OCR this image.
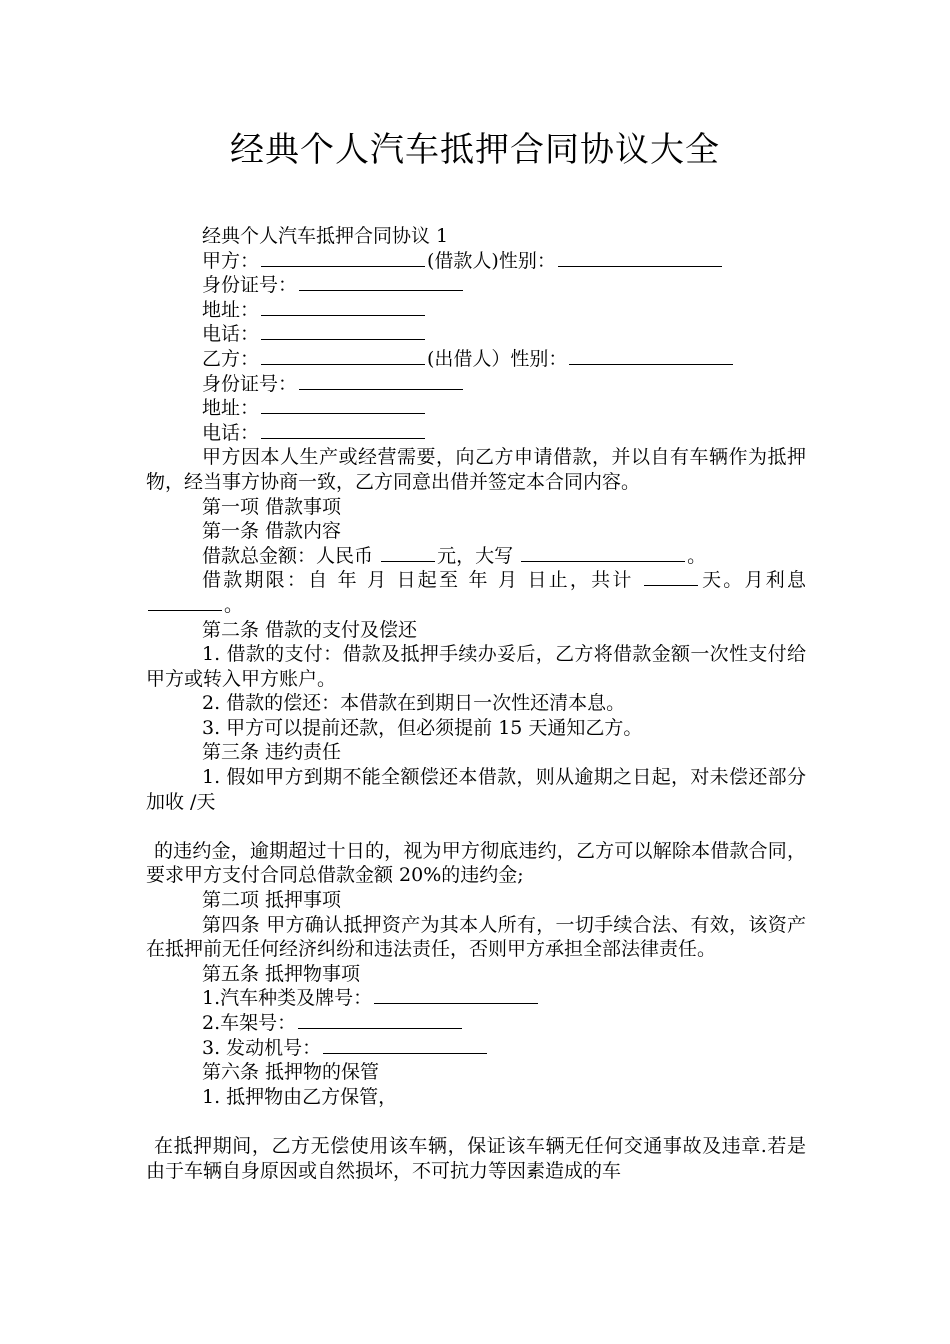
经典个人汽车抵押合同协议大全
经典个人汽车抵押合同协议 1
甲方：	(借款人)性别：
身份证号：
地址：
电话：
乙方：	(出借人）性别：
身份证号：
地址：
电话：
甲方因本人生产或经营需要，向乙方申请借款，并以自有车辆作为抵押物，经当事方协商一致，乙方同意出借并签定本合同内容。
第一项 借款事项
第一条 借款内容
借款总金额：人民币	元，大写	。
借款期限：自 年 月 日起至 年 月 日止，共计	天。月利息 。
第二条 借款的支付及偿还
1. 借款的支付：借款及抵押手续办妥后，乙方将借款金额一次性支付给甲方或转入甲方账户。
2. 借款的偿还：本借款在到期日一次性还清本息。
3. 甲方可以提前还款，但必须提前 15 天通知乙方。
第三条 违约责任
1. 假如甲方到期不能全额偿还本借款，则从逾期之日起，对未偿还部分加收 /天
的违约金，逾期超过十日的，视为甲方彻底违约，乙方可以解除本借款合同，要求甲方支付合同总借款金额 20%的违约金;
第二项 抵押事项
第四条 甲方确认抵押资产为其本人所有，一切手续合法、有效，该资产在抵押前无任何经济纠纷和违法责任，否则甲方承担全部法律责任。
第五条 抵押物事项
1.汽车种类及牌号：
2.车架号：
3. 发动机号：
第六条 抵押物的保管
1. 抵押物由乙方保管，
在抵押期间，乙方无偿使用该车辆，保证该车辆无任何交通事故及违章.若是由于车辆自身原因或自然损坏，不可抗力等因素造成的车
